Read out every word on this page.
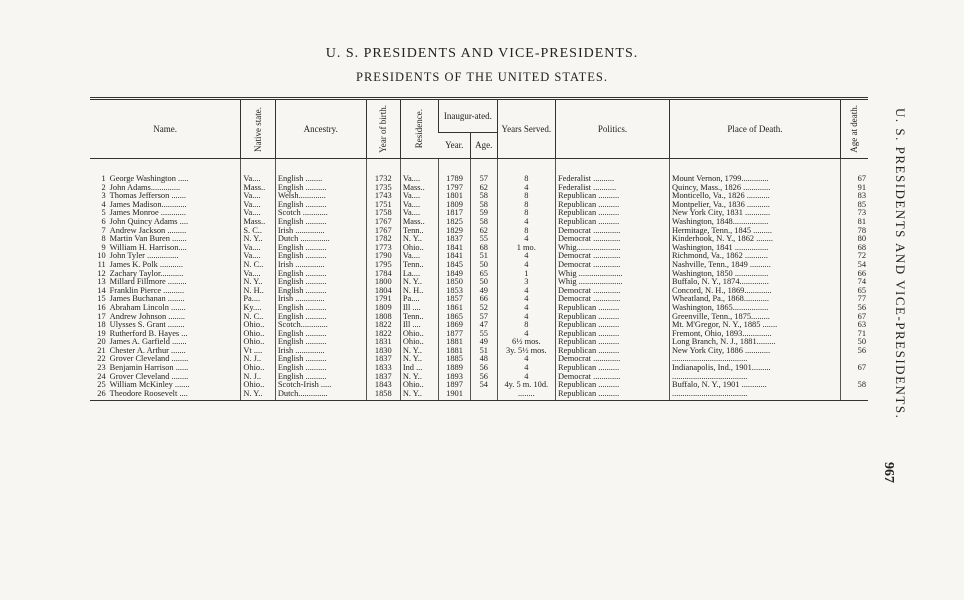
U. S. PRESIDENTS AND VICE-PRESIDENTS.
PRESIDENTS OF THE UNITED STATES.
U. S. PRESIDENTS AND VICE-PRESIDENTS.
967
Name.		Native state.	Ancestry.	Year of birth.	Residence.	Inaugur-ated.		Years Served.	Politics.	Place of Death.	Age at death.

						Year.	Age.				
1	George Washington .....	Va....	English ........	1732	Va....	1789	57	8	Federalist ..........	Mount Vernon, 1799.............	67
2	John Adams..............	Mass..	English ..........	1735	Mass..	1797	62	4	Federalist ...........	Quincy, Mass., 1826 .............	91
3	Thomas Jefferson .......	Va....	Welsh.............	1743	Va....	1801	58	8	Republican ..........	Monticello, Va., 1826 ...........	83
4	James Madison............	Va....	English ..........	1751	Va....	1809	58	8	Republican ..........	Montpelier, Va., 1836 ...........	85
5	James Monroe ............	Va....	Scotch ............	1758	Va....	1817	59	8	Republican ..........	New York City, 1831 ............	73
6	John Quincy Adams ....	Mass..	English ..........	1767	Mass..	1825	58	4	Republican ..........	Washington, 1848.................	81
7	Andrew Jackson .........	S. C..	Irish ..............	1767	Tenn..	1829	62	8	Democrat .............	Hermitage, Tenn., 1845 .........	78
8	Martin Van Buren .......	N. Y..	Dutch ..............	1782	N. Y..	1837	55	4	Democrat .............	Kinderhook, N. Y., 1862 ........	80
9	William H. Harrison....	Va....	English ..........	1773	Ohio..	1841	68	1 mo.	Whig.....................	Washington, 1841 ................	68
10	John Tyler ...............	Va....	English ..........	1790	Va....	1841	51	4	Democrat .............	Richmond, Va., 1862 ...........	72
11	James K. Polk ...........	N. C..	Irish ..............	1795	Tenn..	1845	50	4	Democrat .............	Nashville, Tenn., 1849 ..........	54
12	Zachary Taylor...........	Va....	English ..........	1784	La....	1849	65	1	Whig .....................	Washington, 1850 ................	66
13	Millard Fillmore .........	N. Y..	English ..........	1800	N. Y..	1850	50	3	Whig .....................	Buffalo, N. Y., 1874..............	74
14	Franklin Pierce ..........	N. H..	English ..........	1804	N. H..	1853	49	4	Democrat .............	Concord, N. H., 1869.............	65
15	James Buchanan ........	Pa....	Irish ..............	1791	Pa....	1857	66	4	Democrat .............	Wheatland, Pa., 1868............	77
16	Abraham Lincoln .......	Ky....	English ..........	1809	Ill ....	1861	52	4	Republican ..........	Washington, 1865.................	56
17	Andrew Johnson ........	N. C..	English ..........	1808	Tenn..	1865	57	4	Republican ..........	Greenville, Tenn., 1875.........	67
18	Ulysses S. Grant ........	Ohio..	Scotch.............	1822	Ill ....	1869	47	8	Republican ..........	Mt. M'Gregor, N. Y., 1885 .......	63
19	Rutherford B. Hayes ...	Ohio..	English ..........	1822	Ohio..	1877	55	4	Republican ..........	Fremont, Ohio, 1893..............	71
20	James A. Garfield .......	Ohio..	English ..........	1831	Ohio..	1881	49	6½ mos.	Republican ..........	Long Branch, N. J., 1881.........	50
21	Chester A. Arthur .......	Vt ....	Irish ..............	1830	N. Y..	1881	51	3y. 5½ mos.	Republican ..........	New York City, 1886 ............	56
22	Grover Cleveland ........	N. J..	English ..........	1837	N. Y..	1885	48	4	Democrat .............	....................................	
23	Benjamin Harrison ......	Ohio..	English ..........	1833	Ind ...	1889	56	4	Republican ..........	Indianapolis, Ind., 1901.........	67
24	Grover Cleveland ........	N. J..	English ..........	1837	N. Y..	1893	56	4	Democrat .............	....................................	
25	William McKinley .......	Ohio..	Scotch-Irish .....	1843	Ohio..	1897	54	4y. 5 m. 10d.	Republican ..........	Buffalo, N. Y., 1901 ............	58
26	Theodore Roosevelt ....	N. Y..	Dutch..............	1858	N. Y..	1901		........	Republican ..........	....................................	
